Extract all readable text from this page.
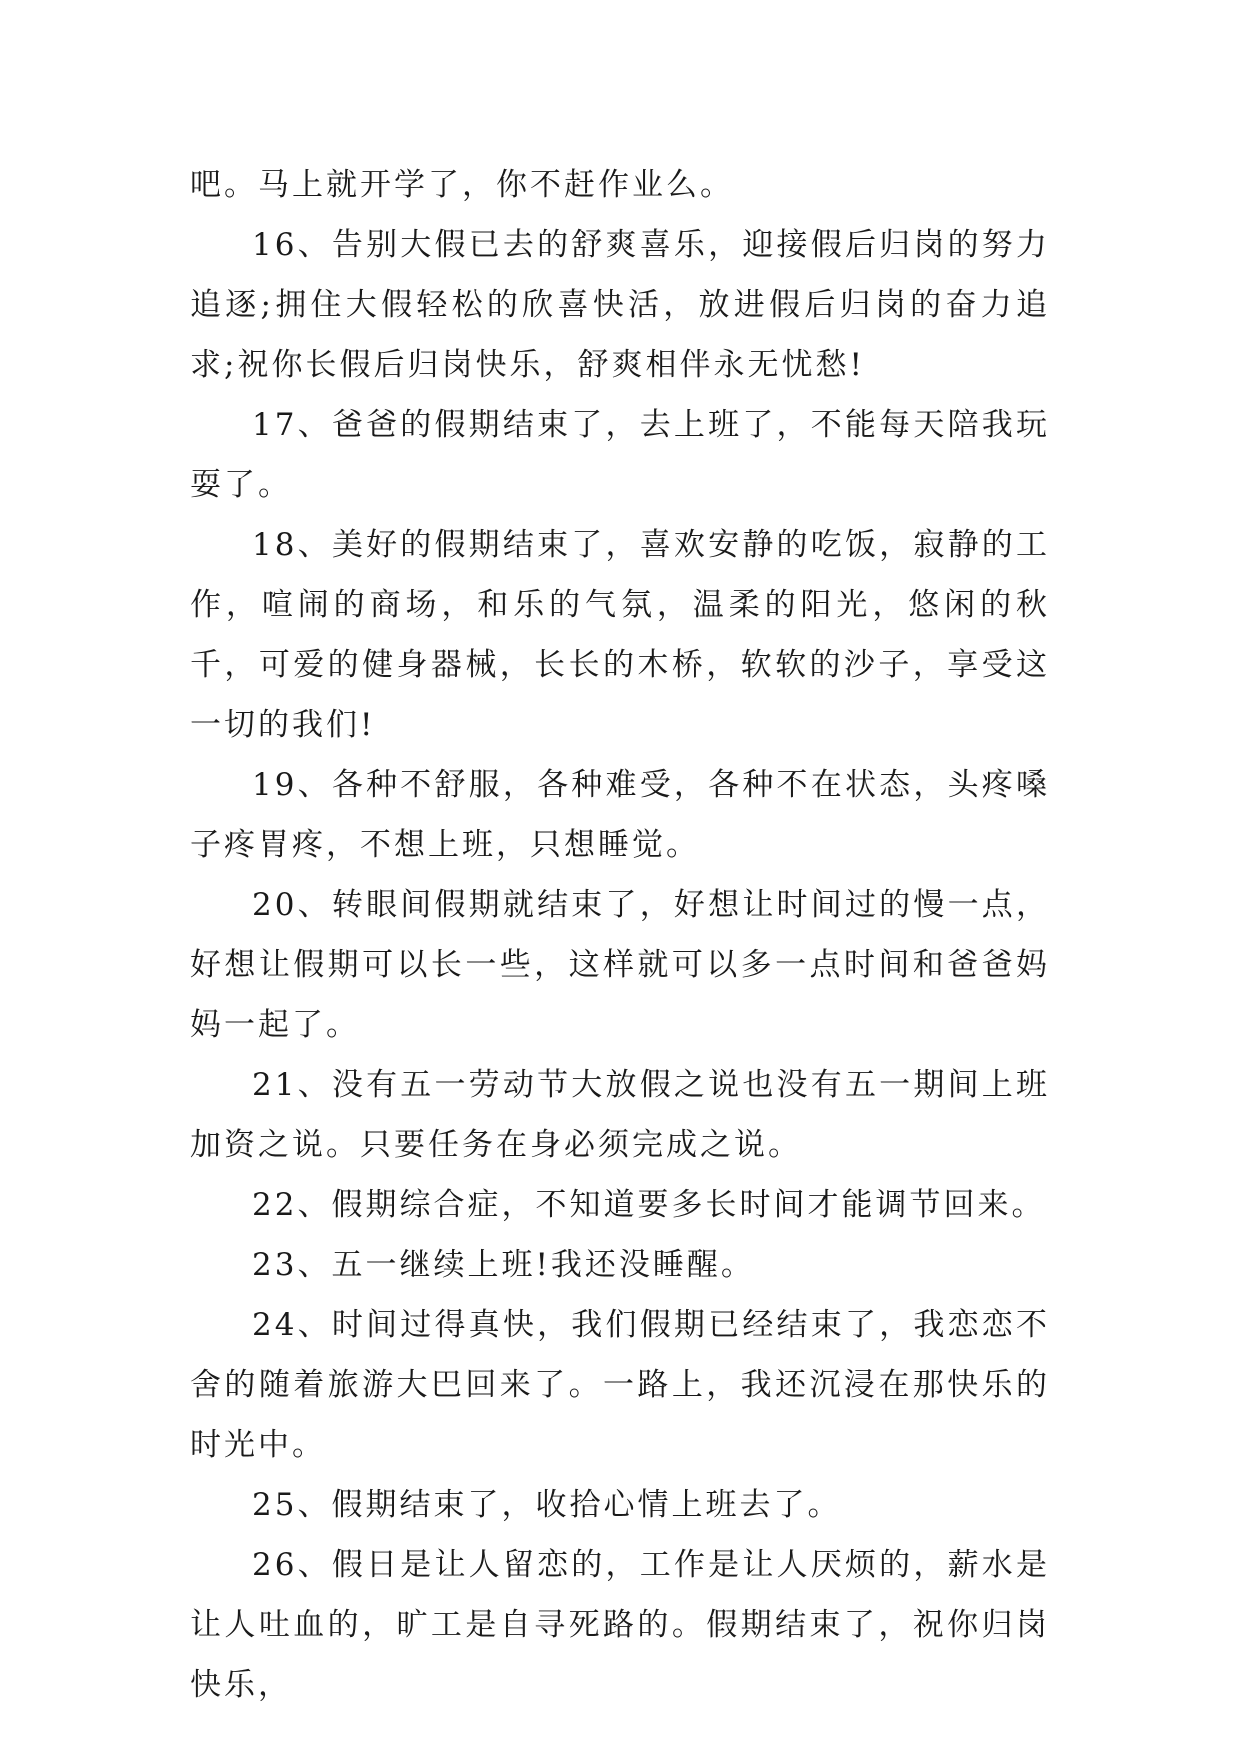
吧。马上就开学了，你不赶作业么。

16、告别大假已去的舒爽喜乐，迎接假后归岗的努力追逐;拥住大假轻松的欣喜快活，放进假后归岗的奋力追求;祝你长假后归岗快乐，舒爽相伴永无忧愁!

17、爸爸的假期结束了，去上班了，不能每天陪我玩耍了。

18、美好的假期结束了，喜欢安静的吃饭，寂静的工作，喧闹的商场，和乐的气氛，温柔的阳光，悠闲的秋千，可爱的健身器械，长长的木桥，软软的沙子，享受这一切的我们!

19、各种不舒服，各种难受，各种不在状态，头疼嗓子疼胃疼，不想上班，只想睡觉。

20、转眼间假期就结束了，好想让时间过的慢一点，好想让假期可以长一些，这样就可以多一点时间和爸爸妈妈一起了。

21、没有五一劳动节大放假之说也没有五一期间上班加资之说。只要任务在身必须完成之说。

22、假期综合症，不知道要多长时间才能调节回来。

23、五一继续上班!我还没睡醒。

24、时间过得真快，我们假期已经结束了，我恋恋不舍的随着旅游大巴回来了。一路上，我还沉浸在那快乐的时光中。

25、假期结束了，收拾心情上班去了。

26、假日是让人留恋的，工作是让人厌烦的，薪水是让人吐血的，旷工是自寻死路的。假期结束了，祝你归岗快乐，
